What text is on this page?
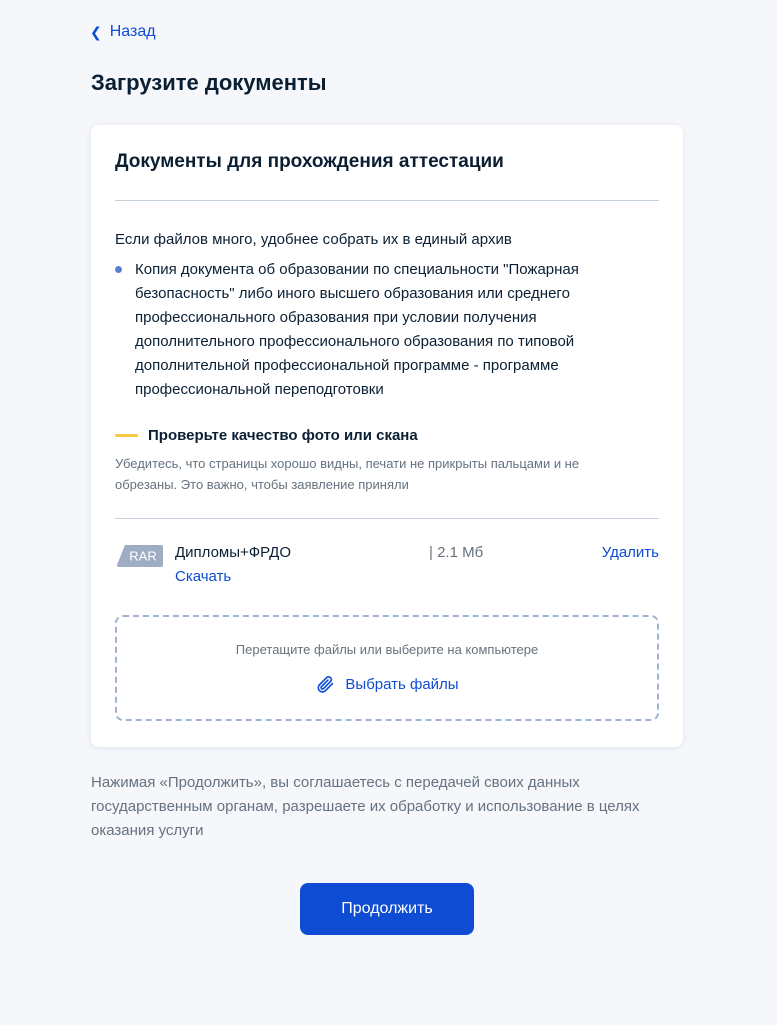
❮ Назад
Загрузите документы
Документы для прохождения аттестации
Если файлов много, удобнее собрать их в единый архив
Копия документа об образовании по специальности "Пожарная безопасность" либо иного высшего образования или среднего профессионального образования при условии получения дополнительного профессионального образования по типовой дополнительной профессиональной программе - программе профессиональной переподготовки
Проверьте качество фото или скана
Убедитесь, что страницы хорошо видны, печати не прикрыты пальцами и не обрезаны. Это важно, чтобы заявление приняли
RAR Дипломы+ФРДО
Скачать
| 2.1 Мб	Удалить
Перетащите файлы или выберите на компьютере
Выбрать файлы
Нажимая «Продолжить», вы соглашаетесь с передачей своих данных государственным органам, разрешаете их обработку и использование в целях оказания услуги
Продолжить
